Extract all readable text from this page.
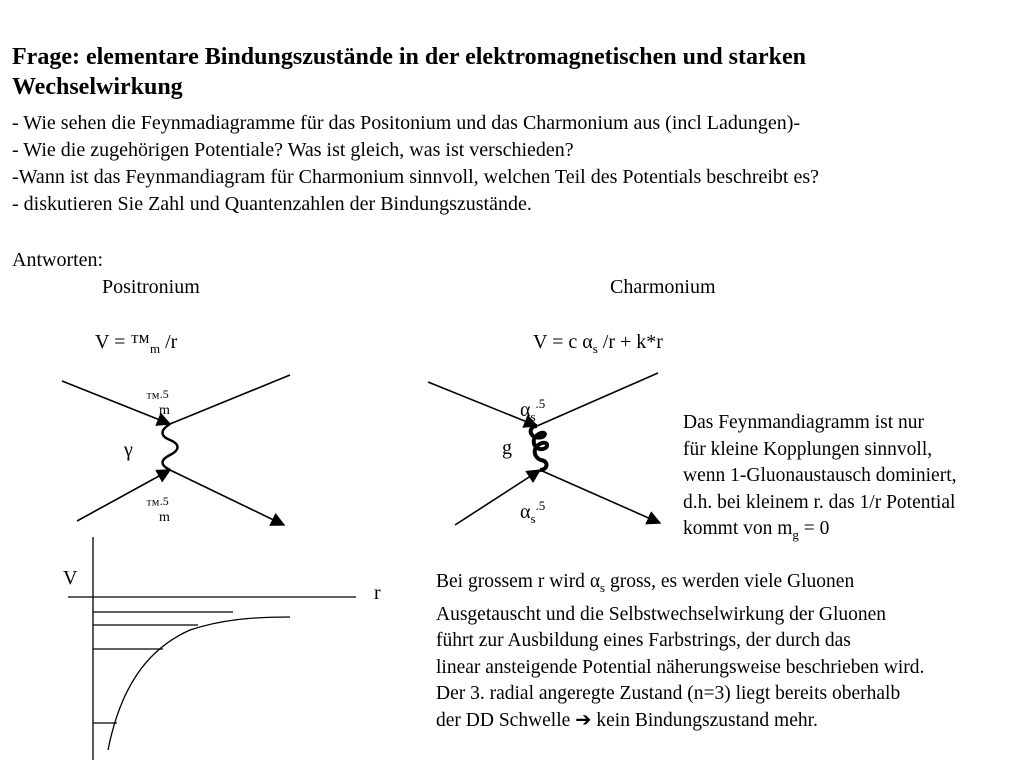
Frage: elementare Bindungszustände in der elektromagnetischen und starken
Wechselwirkung
- Wie sehen die Feynmadiagramme für das Positonium und das Charmonium aus (incl Ladungen)-
- Wie die zugehörigen Potentiale? Was ist gleich, was ist verschieden?
-Wann ist das Feynmandiagram für Charmonium sinnvoll, welchen Teil des Potentials beschreibt es?
- diskutieren Sie Zahl und Quantenzahlen der Bindungszustände.
Antworten:
Positronium	Charmonium
$V = ™_m$ /r	V = c $\alpha_s$ /r + k*r
™.5
m
™.5
m
γ
$\alpha_s^{.5}$
$\alpha_s^{.5}$
g
Das Feynmandiagramm ist nur
für kleine Kopplungen sinnvoll,
wenn 1-Gluonaustausch dominiert,
d.h. bei kleinem r. das 1/r Potential
kommt von $m_g = 0$
V
r
Bei grossem r wird $\alpha_s$ gross, es werden viele Gluonen
Ausgetauscht und die Selbstwechselwirkung der Gluonen
führt zur Ausbildung eines Farbstrings, der durch das
linear ansteigende Potential näherungsweise beschrieben wird.
Der 3. radial angeregte Zustand (n=3) liegt bereits oberhalb
der DD Schwelle ➔ kein Bindungszustand mehr.
